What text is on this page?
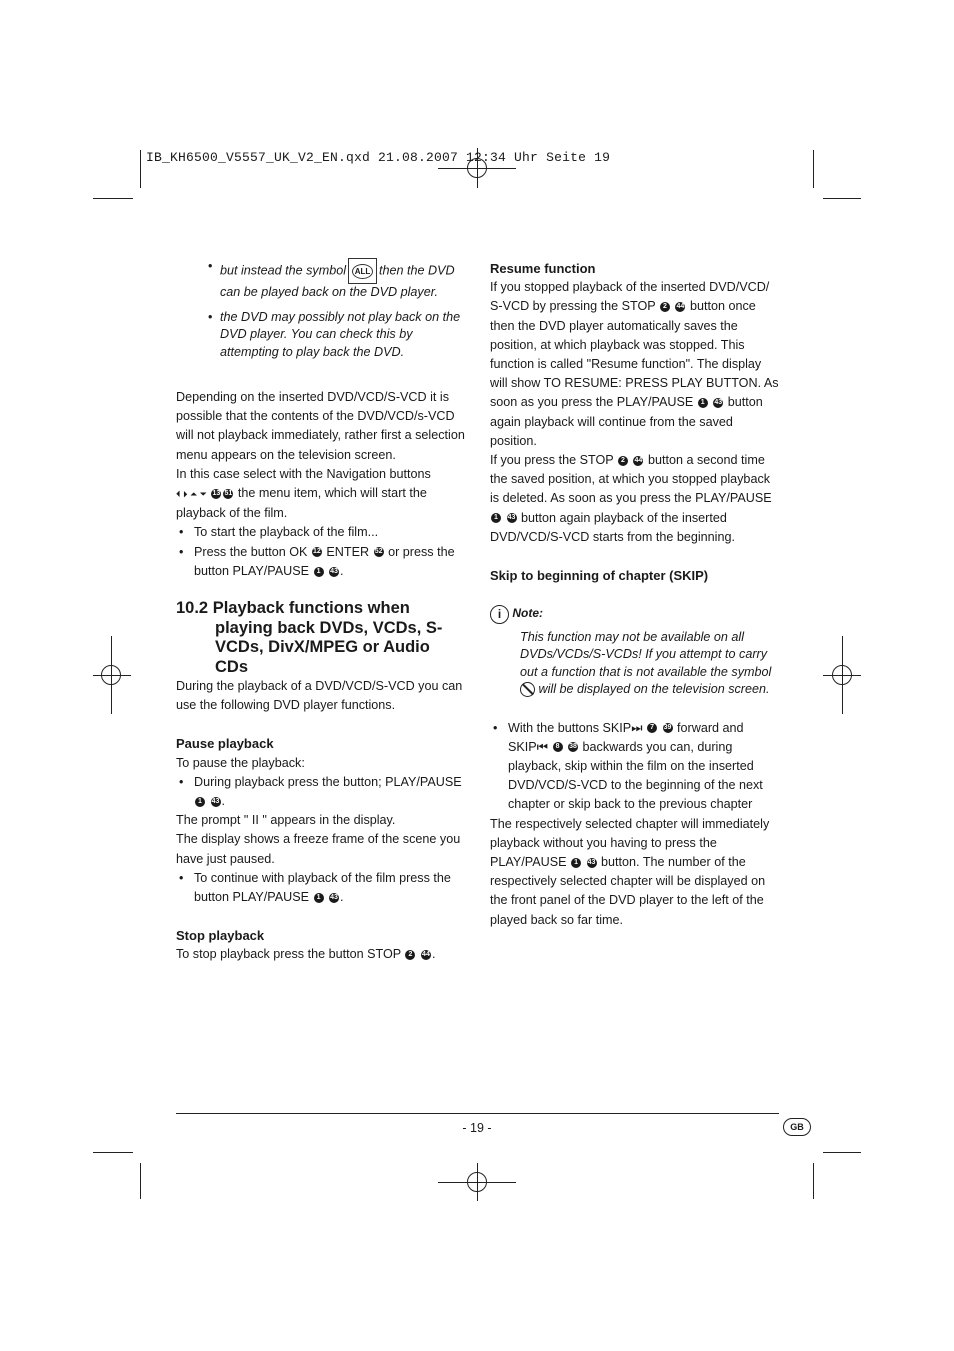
IB_KH6500_V5557_UK_V2_EN.qxd 21.08.2007 12:34 Uhr Seite 19

• but instead the symbol	ALL then the DVD can be played back on the DVD player.

• the DVD may possibly not play back on the DVD player. You can check this by attempting to play back the DVD.

Depending on the inserted DVD/VCD/S-VCD it is possible that the contents of the DVD/VCD/s-VCD will not playback immediately, rather first a selection menu appears on the television screen.

In this case select with the Navigation buttons
⏴ ⏵ ⏶ ⏷ 13 51 the menu item, which will start the playback of the film.

• To start the playback of the film...

• Press the button OK 12 ENTER 52 or press the button PLAY/PAUSE 1 43 .

10.2 Playback functions when playing back DVDs, VCDs, S-VCDs, DivX/MPEG or Audio CDs

During the playback of a DVD/VCD/S-VCD you can use the following DVD player functions.

Pause playback

To pause the playback:

• During playback press the button; PLAY/PAUSE
1 43 .

The prompt " II " appears in the display.

The display shows a freeze frame of the scene you have just paused.

• To continue with playback of the film press the button PLAY/PAUSE 1 43 .

Stop playback

To stop playback press the button STOP 2 44 .

Resume function

If you stopped playback of the inserted DVD/VCD/ S-VCD by pressing the STOP 2 44 button once then the DVD player automatically saves the position, at which playback was stopped. This function is called "Resume function". The display will show TO RESUME: PRESS PLAY BUTTON. As soon as you press the PLAY/PAUSE 1 43 button again playback will continue from the saved position.

If you press the STOP 2 44 button a second time the saved position, at which you stopped playback is deleted. As soon as you press the PLAY/PAUSE 1 43 button again playback of the inserted DVD/VCD/S-VCD starts from the beginning.

Skip to beginning of chapter (SKIP)
i Note:

This function may not be available on all DVDs/VCDs/S-VCDs! If you attempt to carry out a function that is not available the symbol
will be displayed on the television screen.

• With the buttons SKIP⏭ 7 39 forward and SKIP⏮ 8 38 backwards you can, during playback, skip within the film on the inserted DVD/VCD/S-VCD to the beginning of the next chapter or skip back to the previous chapter

The respectively selected chapter will immediately playback without you having to press the PLAY/PAUSE 1 43 button. The number of the respectively selected chapter will be displayed on the front panel of the DVD player to the left of the played back so far time.

- 19 -	GB
